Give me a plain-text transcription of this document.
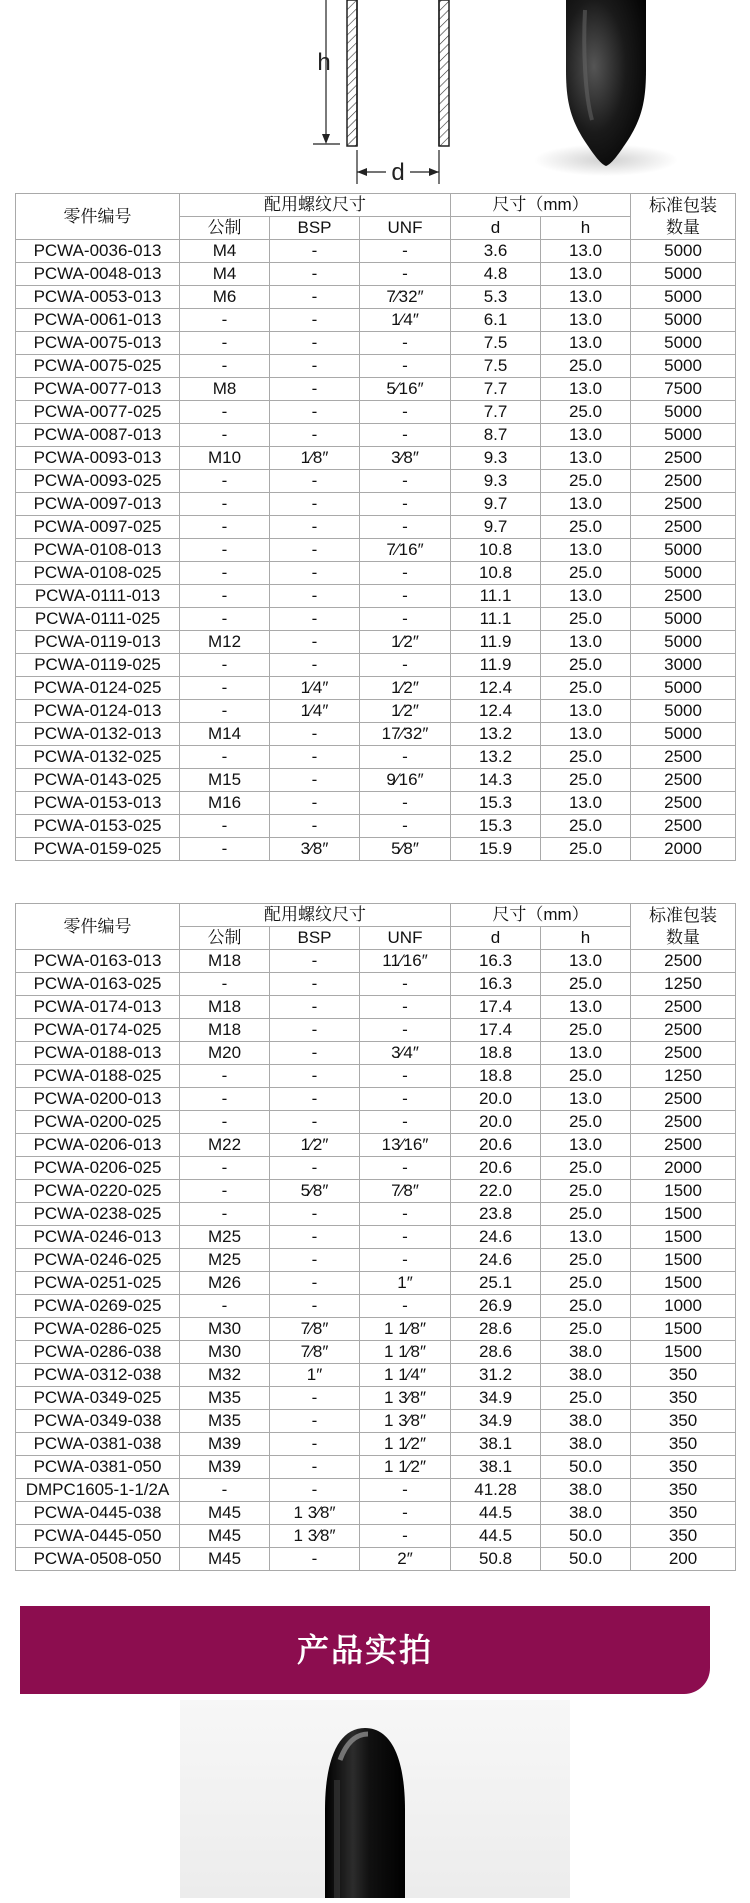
h
d
零件编号	配用螺纹尺寸			尺寸（mm）		标准包装数量
	公制	BSP	UNF	d	h	
PCWA-0036-013	M4	-	-	3.6	13.0	5000
PCWA-0048-013	M4	-	-	4.8	13.0	5000
PCWA-0053-013	M6	-	7⁄32″	5.3	13.0	5000
PCWA-0061-013	-	-	1⁄4″	6.1	13.0	5000
PCWA-0075-013	-	-	-	7.5	13.0	5000
PCWA-0075-025	-	-	-	7.5	25.0	5000
PCWA-0077-013	M8	-	5⁄16″	7.7	13.0	7500
PCWA-0077-025	-	-	-	7.7	25.0	5000
PCWA-0087-013	-	-	-	8.7	13.0	5000
PCWA-0093-013	M10	1⁄8″	3⁄8″	9.3	13.0	2500
PCWA-0093-025	-	-	-	9.3	25.0	2500
PCWA-0097-013	-	-	-	9.7	13.0	2500
PCWA-0097-025	-	-	-	9.7	25.0	2500
PCWA-0108-013	-	-	7⁄16″	10.8	13.0	5000
PCWA-0108-025	-	-	-	10.8	25.0	5000
PCWA-0111-013	-	-	-	11.1	13.0	2500
PCWA-0111-025	-	-	-	11.1	25.0	5000
PCWA-0119-013	M12	-	1⁄2″	11.9	13.0	5000
PCWA-0119-025	-	-	-	11.9	25.0	3000
PCWA-0124-025	-	1⁄4″	1⁄2″	12.4	25.0	5000
PCWA-0124-013	-	1⁄4″	1⁄2″	12.4	13.0	5000
PCWA-0132-013	M14	-	17⁄32″	13.2	13.0	5000
PCWA-0132-025	-	-	-	13.2	25.0	2500
PCWA-0143-025	M15	-	9⁄16″	14.3	25.0	2500
PCWA-0153-013	M16	-	-	15.3	13.0	2500
PCWA-0153-025	-	-	-	15.3	25.0	2500
PCWA-0159-025	-	3⁄8″	5⁄8″	15.9	25.0	2000
零件编号	配用螺纹尺寸			尺寸（mm）		标准包装数量
	公制	BSP	UNF	d	h	
PCWA-0163-013	M18	-	11⁄16″	16.3	13.0	2500
PCWA-0163-025	-	-	-	16.3	25.0	1250
PCWA-0174-013	M18	-	-	17.4	13.0	2500
PCWA-0174-025	M18	-	-	17.4	25.0	2500
PCWA-0188-013	M20	-	3⁄4″	18.8	13.0	2500
PCWA-0188-025	-	-	-	18.8	25.0	1250
PCWA-0200-013	-	-	-	20.0	13.0	2500
PCWA-0200-025	-	-	-	20.0	25.0	2500
PCWA-0206-013	M22	1⁄2″	13⁄16″	20.6	13.0	2500
PCWA-0206-025	-	-	-	20.6	25.0	2000
PCWA-0220-025	-	5⁄8″	7⁄8″	22.0	25.0	1500
PCWA-0238-025	-	-	-	23.8	25.0	1500
PCWA-0246-013	M25	-	-	24.6	13.0	1500
PCWA-0246-025	M25	-	-	24.6	25.0	1500
PCWA-0251-025	M26	-	1″	25.1	25.0	1500
PCWA-0269-025	-	-	-	26.9	25.0	1000
PCWA-0286-025	M30	7⁄8″	1 1⁄8″	28.6	25.0	1500
PCWA-0286-038	M30	7⁄8″	1 1⁄8″	28.6	38.0	1500
PCWA-0312-038	M32	1″	1 1⁄4″	31.2	38.0	350
PCWA-0349-025	M35	-	1 3⁄8″	34.9	25.0	350
PCWA-0349-038	M35	-	1 3⁄8″	34.9	38.0	350
PCWA-0381-038	M39	-	1 1⁄2″	38.1	38.0	350
PCWA-0381-050	M39	-	1 1⁄2″	38.1	50.0	350
DMPC1605-1-1/2A	-	-	-	41.28	38.0	350
PCWA-0445-038	M45	1 3⁄8″	-	44.5	38.0	350
PCWA-0445-050	M45	1 3⁄8″	-	44.5	50.0	350
PCWA-0508-050	M45	-	2″	50.8	50.0	200
产品实拍
